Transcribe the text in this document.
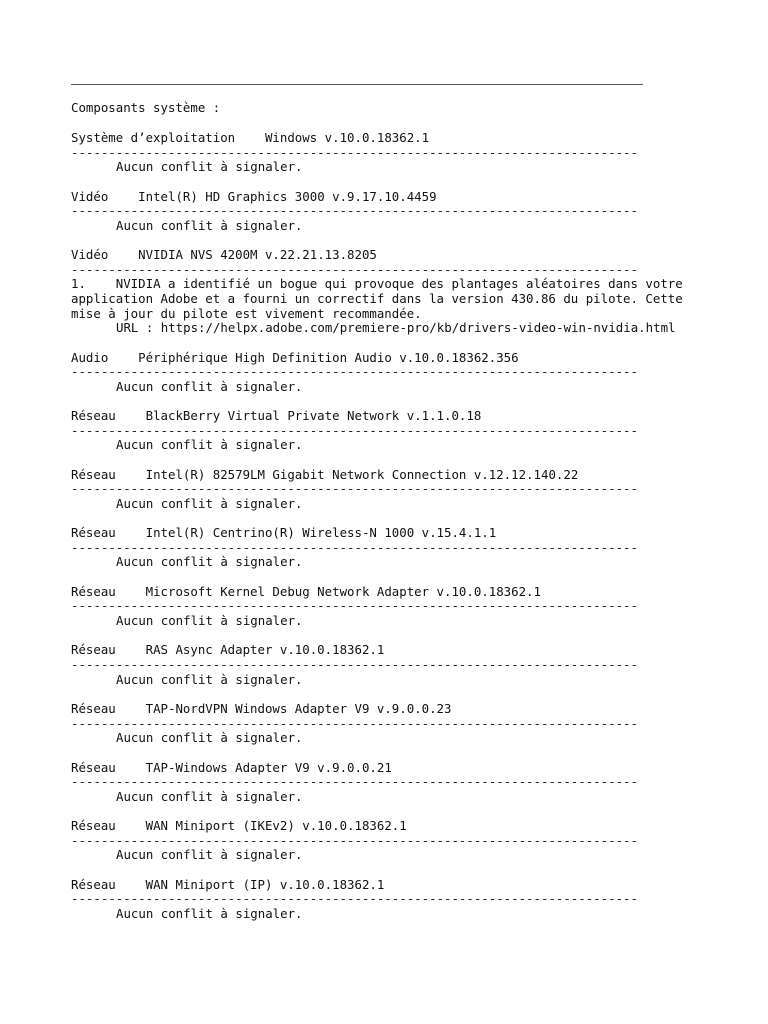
Composants système :
Système d’exploitation Windows v.10.0.18362.1
----------------------------------------------------------------------------
Aucun conflit à signaler.
Vidéo Intel(R) HD Graphics 3000 v.9.17.10.4459
----------------------------------------------------------------------------
Aucun conflit à signaler.
Vidéo NVIDIA NVS 4200M v.22.21.13.8205
----------------------------------------------------------------------------
1. NVIDIA a identifié un bogue qui provoque des plantages aléatoires dans votre
application Adobe et a fourni un correctif dans la version 430.86 du pilote. Cette
mise à jour du pilote est vivement recommandée.
URL : https://helpx.adobe.com/premiere-pro/kb/drivers-video-win-nvidia.html
Audio Périphérique High Definition Audio v.10.0.18362.356
----------------------------------------------------------------------------
Aucun conflit à signaler.
Réseau BlackBerry Virtual Private Network v.1.1.0.18
----------------------------------------------------------------------------
Aucun conflit à signaler.
Réseau Intel(R) 82579LM Gigabit Network Connection v.12.12.140.22
----------------------------------------------------------------------------
Aucun conflit à signaler.
Réseau Intel(R) Centrino(R) Wireless-N 1000 v.15.4.1.1
----------------------------------------------------------------------------
Aucun conflit à signaler.
Réseau Microsoft Kernel Debug Network Adapter v.10.0.18362.1
----------------------------------------------------------------------------
Aucun conflit à signaler.
Réseau RAS Async Adapter v.10.0.18362.1
----------------------------------------------------------------------------
Aucun conflit à signaler.
Réseau TAP-NordVPN Windows Adapter V9 v.9.0.0.23
----------------------------------------------------------------------------
Aucun conflit à signaler.
Réseau TAP-Windows Adapter V9 v.9.0.0.21
----------------------------------------------------------------------------
Aucun conflit à signaler.
Réseau WAN Miniport (IKEv2) v.10.0.18362.1
----------------------------------------------------------------------------
Aucun conflit à signaler.
Réseau WAN Miniport (IP) v.10.0.18362.1
----------------------------------------------------------------------------
Aucun conflit à signaler.
